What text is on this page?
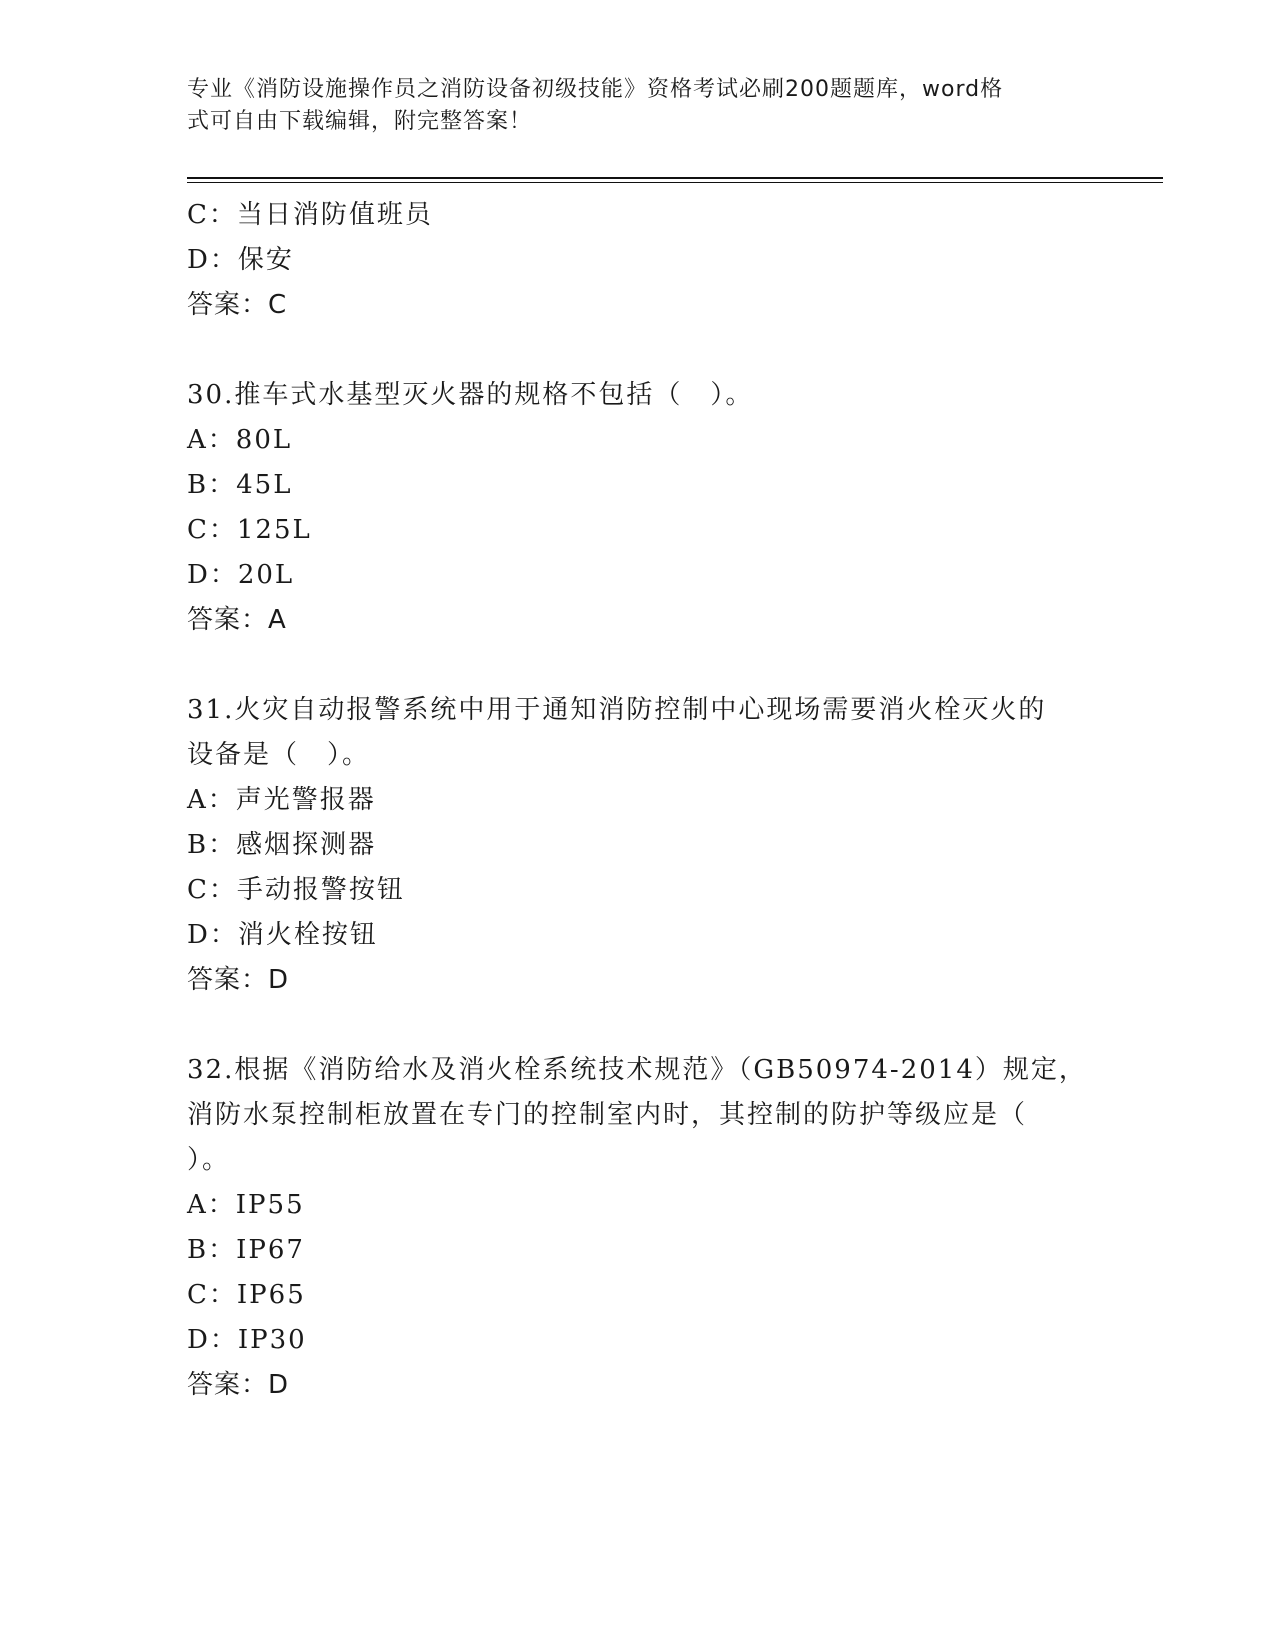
专业《消防设施操作员之消防设备初级技能》资格考试必刷200题题库，word格
式可自由下载编辑，附完整答案！
C：当日消防值班员
D：保安
答案：C
30.推车式水基型灭火器的规格不包括（　）。
A：80L
B：45L
C：125L
D：20L
答案：A
31.火灾自动报警系统中用于通知消防控制中心现场需要消火栓灭火的
设备是（　）。
A：声光警报器
B：感烟探测器
C：手动报警按钮
D：消火栓按钮
答案：D
32.根据《消防给水及消火栓系统技术规范》（GB50974-2014）规定，
消防水泵控制柜放置在专门的控制室内时，其控制的防护等级应是（
）。
A：IP55
B：IP67
C：IP65
D：IP30
答案：D
